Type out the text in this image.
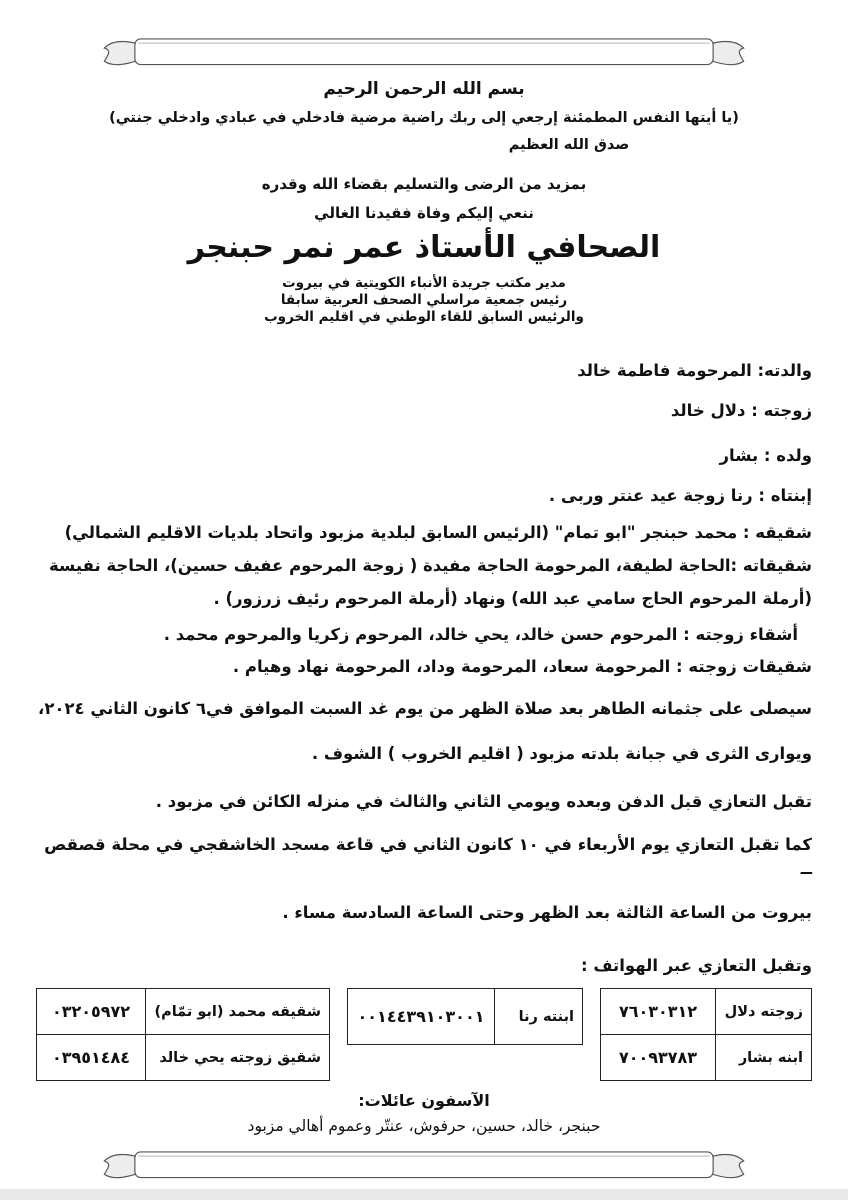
بسم الله الرحمن الرحيم
(يا أيتها النفس المطمئنة إرجعي إلى ربك راضية مرضية فادخلي في عبادي وادخلي جنتي)
صدق الله العظيم
بمزيد من الرضى والتسليم بقضاء الله وقدره
ننعي إليكم وفاة فقيدنا الغالي
الصحافي الأستاذ عمر نمر حبنجر
مدير مكتب جريدة الأنباء الكويتية في بيروت
رئيس جمعية مراسلي الصحف العربية سابقا
والرئيس السابق للقاء الوطني في اقليم الخروب
والدته: المرحومة فاطمة خالد
زوجته : دلال خالد
ولده : بشار
إبنتاه : رنا زوجة عيد عنتر وربى .
شقيقه : محمد حبنجر "ابو تمام" (الرئيس السابق لبلدية مزبود واتحاد بلديات الاقليم الشمالي)
شقيقاته :الحاجة لطيفة، المرحومة الحاجة مفيدة ( زوجة المرحوم عفيف حسين)، الحاجة نفيسة
(أرملة المرحوم الحاج سامي عبد الله) ونهاد (أرملة المرحوم رئيف زرزور) .
أشقاء زوجته : المرحوم حسن خالد، يحي خالد، المرحوم زكريا والمرحوم محمد .
شقيقات زوجته : المرحومة سعاد، المرحومة وداد، المرحومة نهاد وهيام .
سيصلى على جثمانه الطاهر بعد صلاة الظهر من يوم غد السبت الموافق في٦ كانون الثاني ٢٠٢٤،
ويوارى الثرى في جبانة بلدته مزبود ( اقليم الخروب ) الشوف .
تقبل التعازي قبل الدفن وبعده ويومي الثاني والثالث في منزله الكائن في مزبود .
كما تقبل التعازي يوم الأربعاء في ١٠ كانون الثاني في قاعة مسجد الخاشقجي في محلة قصقص ــ
بيروت من الساعة الثالثة بعد الظهر وحتى الساعة السادسة مساء .
وتقبل التعازي عبر الهواتف :
زوجته دلال	٧٦٠٣٠٣١٢
ابنه بشار	٧٠٠٩٣٧٨٣
ابنته رنا	٠٠١٤٤٣٩١٠٣٠٠١
شقيقه محمد (ابو تمّام)	٠٣٢٠٥٩٧٢
شقيق زوجته يحي خالد	٠٣٩٥١٤٨٤
الآسفون عائلات:
حبنجر، خالد، حسين، حرفوش، عنتّر وعموم أهالي مزبود
